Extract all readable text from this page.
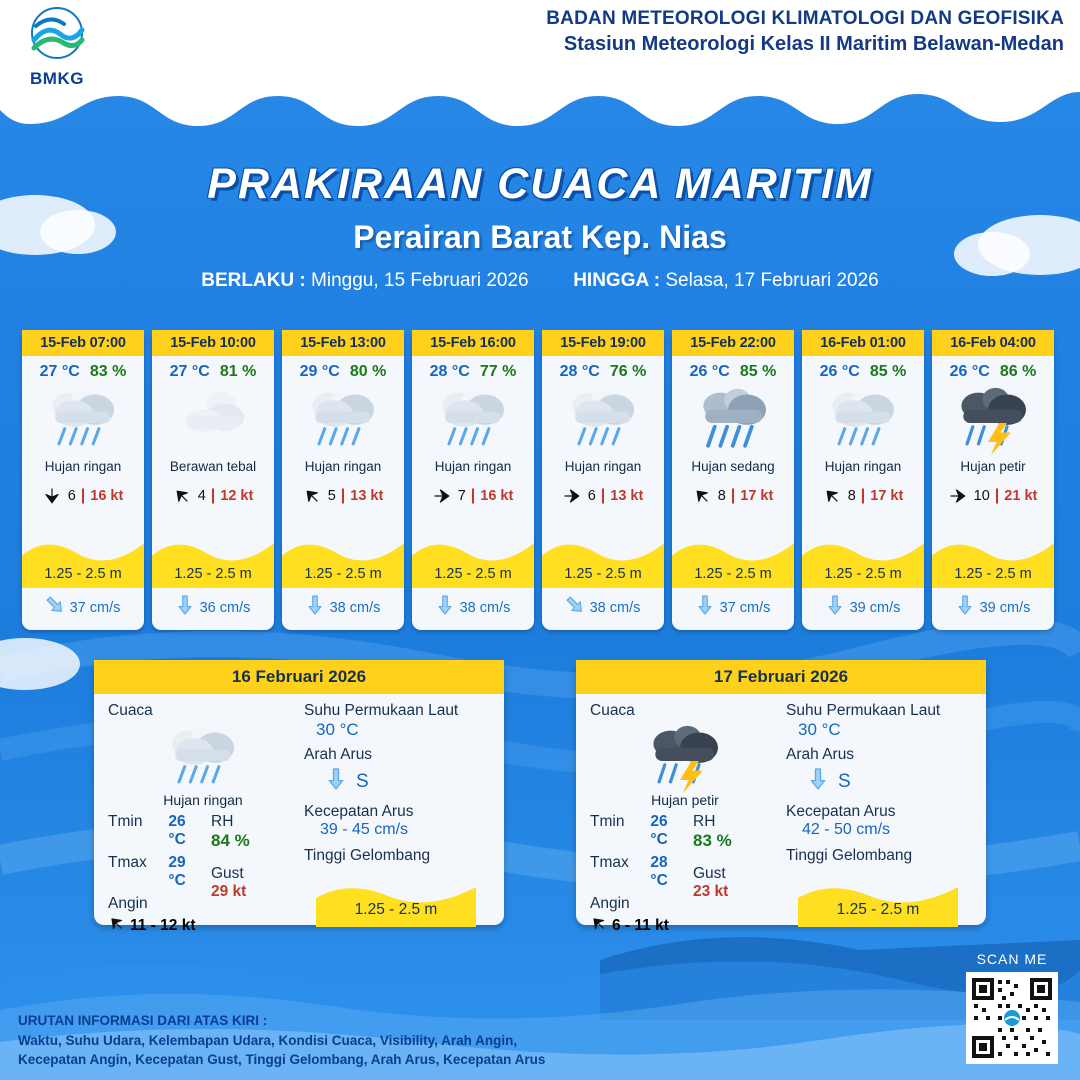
BMKG
BADAN METEOROLOGI KLIMATOLOGI DAN GEOFISIKA
Stasiun Meteorologi Kelas II Maritim Belawan-Medan
PRAKIRAAN CUACA MARITIM
Perairan Barat Kep. Nias
BERLAKU : Minggu, 15 Februari 2026 HINGGA : Selasa, 17 Februari 2026
15-Feb 07:00
27 °C 83 %
Hujan ringan
6 | 16 kt
1.25 - 2.5 m
37 cm/s
15-Feb 10:00
27 °C 81 %
Berawan tebal
4 | 12 kt
1.25 - 2.5 m
36 cm/s
15-Feb 13:00
29 °C 80 %
Hujan ringan
5 | 13 kt
1.25 - 2.5 m
38 cm/s
15-Feb 16:00
28 °C 77 %
Hujan ringan
7 | 16 kt
1.25 - 2.5 m
38 cm/s
15-Feb 19:00
28 °C 76 %
Hujan ringan
6 | 13 kt
1.25 - 2.5 m
38 cm/s
15-Feb 22:00
26 °C 85 %
Hujan sedang
8 | 17 kt
1.25 - 2.5 m
37 cm/s
16-Feb 01:00
26 °C 85 %
Hujan ringan
8 | 17 kt
1.25 - 2.5 m
39 cm/s
16-Feb 04:00
26 °C 86 %
Hujan petir
10 | 21 kt
1.25 - 2.5 m
39 cm/s
16 Februari 2026
Cuaca
Hujan ringan
Tmin	26 °C
Tmax	29 °C
Angin
11 - 12 kt
RH
84 %
Gust
29 kt
Suhu Permukaan Laut
30 °C
Arah Arus
S
Kecepatan Arus
39 - 45 cm/s
Tinggi Gelombang
1.25 - 2.5 m
17 Februari 2026
Cuaca
Hujan petir
Tmin	26 °C
Tmax	28 °C
Angin
6 - 11 kt
RH
83 %
Gust
23 kt
Suhu Permukaan Laut
30 °C
Arah Arus
S
Kecepatan Arus
42 - 50 cm/s
Tinggi Gelombang
1.25 - 2.5 m
URUTAN INFORMASI DARI ATAS KIRI :
Waktu, Suhu Udara, Kelembapan Udara, Kondisi Cuaca, Visibility, Arah Angin,
Kecepatan Angin, Kecepatan Gust, Tinggi Gelombang, Arah Arus, Kecepatan Arus
SCAN ME
